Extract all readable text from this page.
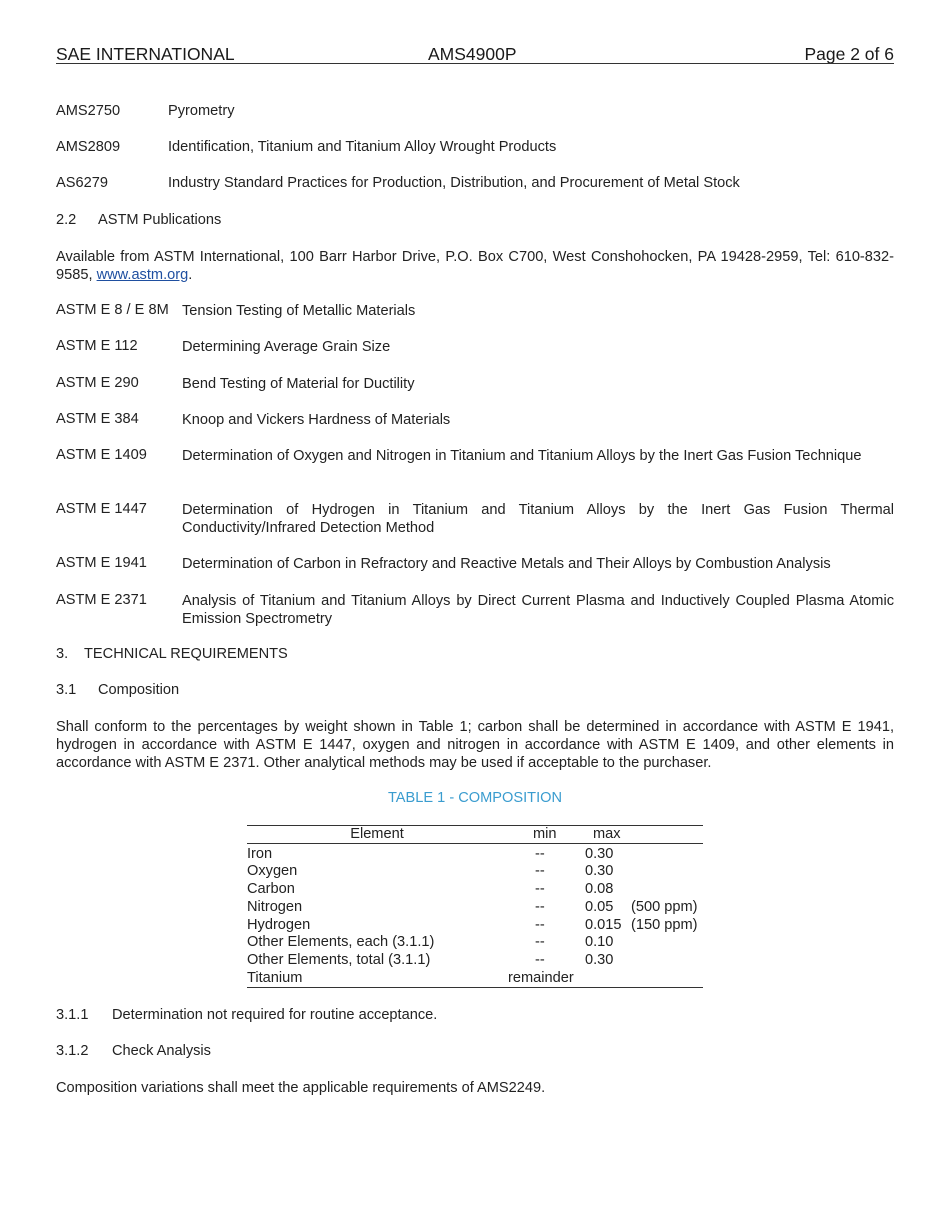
SAE INTERNATIONAL	AMS4900P	Page 2 of 6
AMS2750	Pyrometry
AMS2809	Identification, Titanium and Titanium Alloy Wrought Products
AS6279	Industry Standard Practices for Production, Distribution, and Procurement of Metal Stock
2.2 ASTM Publications
Available from ASTM International, 100 Barr Harbor Drive, P.O. Box C700, West Conshohocken, PA 19428-2959, Tel: 610-832-9585, www.astm.org.
ASTM E 8 / E 8M Tension Testing of Metallic Materials
ASTM E 112	Determining Average Grain Size
ASTM E 290	Bend Testing of Material for Ductility
ASTM E 384	Knoop and Vickers Hardness of Materials
ASTM E 1409 Determination of Oxygen and Nitrogen in Titanium and Titanium Alloys by the Inert Gas Fusion Technique
ASTM E 1447 Determination of Hydrogen in Titanium and Titanium Alloys by the Inert Gas Fusion Thermal Conductivity/Infrared Detection Method
ASTM E 1941 Determination of Carbon in Refractory and Reactive Metals and Their Alloys by Combustion Analysis
ASTM E 2371 Analysis of Titanium and Titanium Alloys by Direct Current Plasma and Inductively Coupled Plasma Atomic Emission Spectrometry
3. TECHNICAL REQUIREMENTS
3.1 Composition
Shall conform to the percentages by weight shown in Table 1; carbon shall be determined in accordance with ASTM E 1941, hydrogen in accordance with ASTM E 1447, oxygen and nitrogen in accordance with ASTM E 1409, and other elements in accordance with ASTM E 2371. Other analytical methods may be used if acceptable to the purchaser.
TABLE 1 - COMPOSITION
Element	min max
Iron	--	0.30
Oxygen	--	0.30
Carbon	--	0.08
Nitrogen	--	0.05 (500 ppm)
Hydrogen	--	0.015 (150 ppm)
Other Elements, each (3.1.1)	--	0.10
Other Elements, total (3.1.1)	--	0.30
Titanium	remainder
3.1.1 Determination not required for routine acceptance.
3.1.2 Check Analysis
Composition variations shall meet the applicable requirements of AMS2249.
